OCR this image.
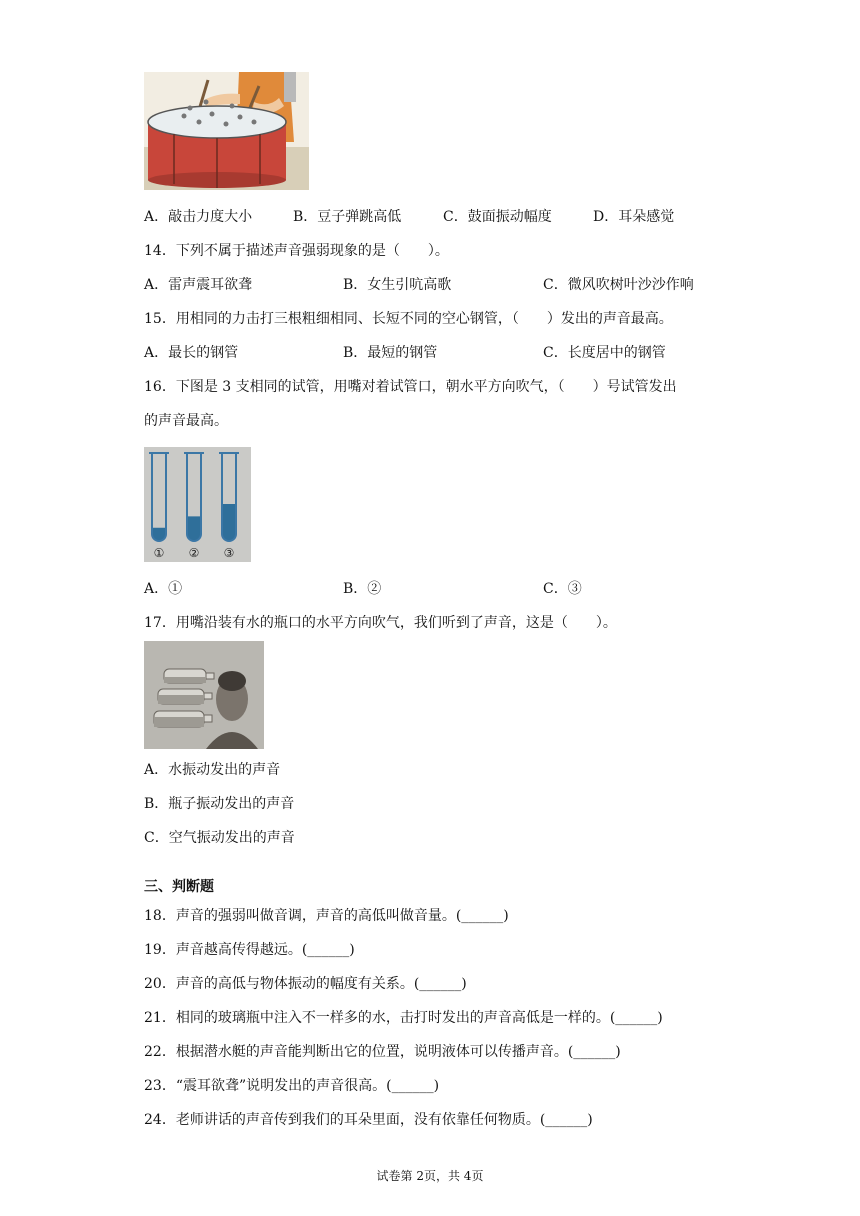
A．敲击力度大小	B．豆子弹跳高低	C．鼓面振动幅度	D．耳朵感觉
14．下列不属于描述声音强弱现象的是（　　）。
A．雷声震耳欲聋	B．女生引吭高歌	C．微风吹树叶沙沙作响
15．用相同的力击打三根粗细相同、长短不同的空心钢管，（　　）发出的声音最高。
A．最长的钢管	B．最短的钢管	C．长度居中的钢管
16．下图是 3 支相同的试管，用嘴对着试管口，朝水平方向吹气，（　　）号试管发出
的声音最高。
① ② ③
A．①	B．②	C．③
17．用嘴沿装有水的瓶口的水平方向吹气，我们听到了声音，这是（　　）。
A．水振动发出的声音
B．瓶子振动发出的声音
C．空气振动发出的声音
三、判断题
18．声音的强弱叫做音调，声音的高低叫做音量。(______)
19．声音越高传得越远。(______)
20．声音的高低与物体振动的幅度有关系。(______)
21．相同的玻璃瓶中注入不一样多的水，击打时发出的声音高低是一样的。(______)
22．根据潜水艇的声音能判断出它的位置，说明液体可以传播声音。(______)
23．“震耳欲聋”说明发出的声音很高。(______)
24．老师讲话的声音传到我们的耳朵里面，没有依靠任何物质。(______)
试卷第 2页，共 4页
